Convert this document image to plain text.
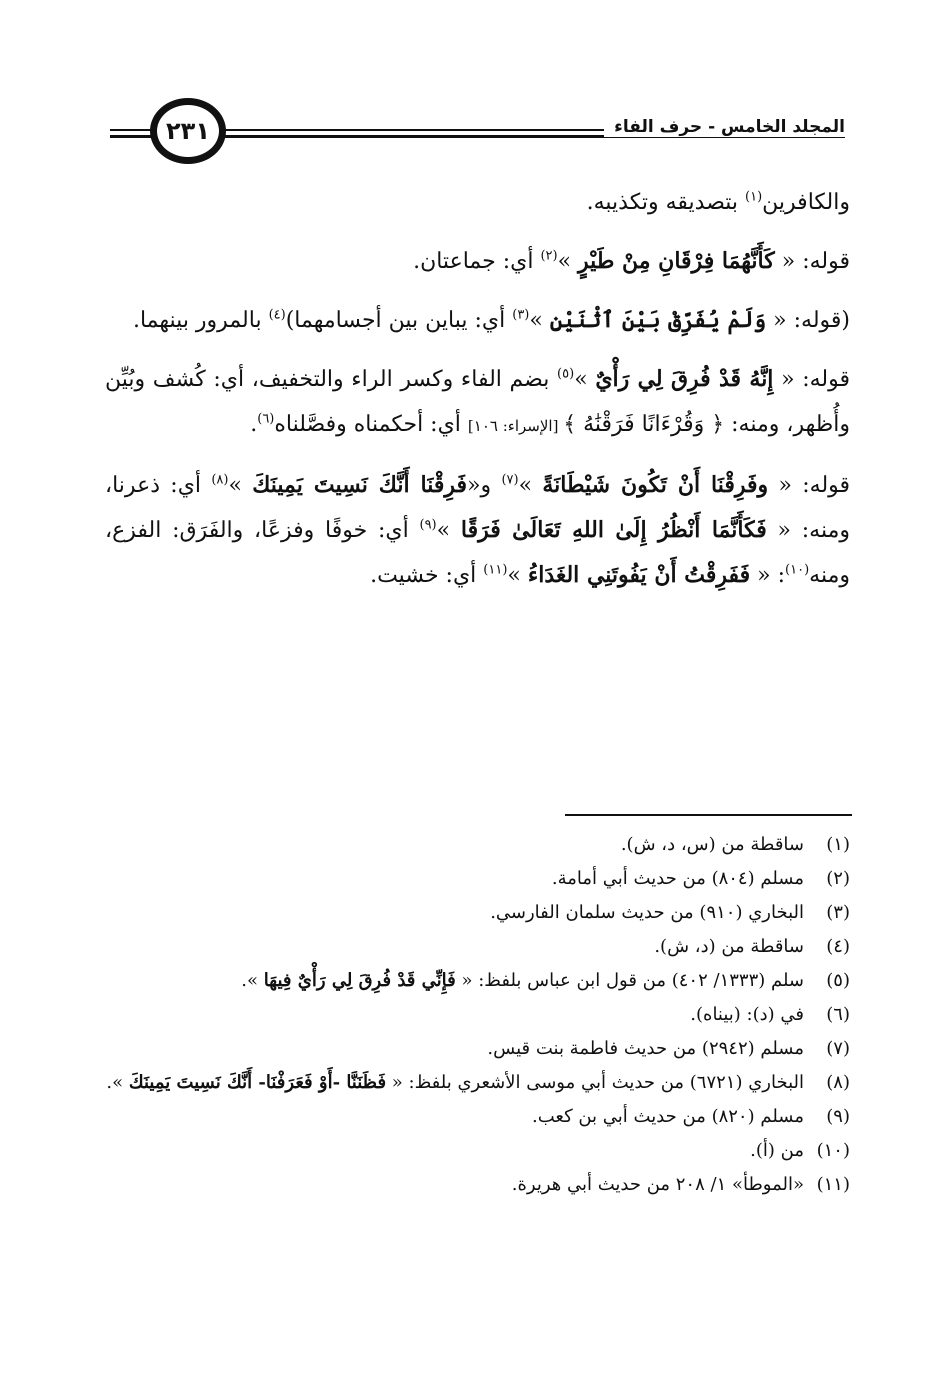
٢٣١	المجلد الخامس - حرف الفاء

والكافرين$^{(١)}$ بتصديقه وتكذيبه.

قوله: « كَأَنَّهُمَا فِرْقَانِ مِنْ طَيْرٍ »$^{(٢)}$ أي: جماعتان.

(قوله: « وَلَمْ يُفَرِّقْ بَيْنَ ٱثْنَيْنِ »$^{(٣)}$ أي: يباين بين أجسامهما)$^{(٤)}$ بالمرور بينهما.

قوله: « إِنَّهُ قَدْ فُرِقَ لِي رَأْيٌ »$^{(٥)}$ بضم الفاء وكسر الراء والتخفيف، أي: كُشف وبُيِّن وأُظهر، ومنه: ﴿ وَقُرْءَانًا فَرَقْنَٰهُ ﴾ [الإسراء: ١٠٦] أي: أحكمناه وفصَّلناه$^{(٦)}$.

قوله: « وفَرِقْنَا أَنْ تَكُونَ شَيْطَانَةً »$^{(٧)}$ و«فَرِقْنَا أَنَّكَ نَسِيتَ يَمِينَكَ »$^{(٨)}$ أي: ذعرنا، ومنه: « فَكَأَنَّمَا أَنْظُرُ إِلَىٰ اللهِ تَعَالَىٰ فَرَقًا »$^{(٩)}$ أي: خوفًا وفزعًا، والفَرَق: الفزع، ومنه$^{(١٠)}$: « فَفَرِقْتُ أَنْ يَفُوتَنِي الغَدَاءُ »$^{(١١)}$ أي: خشيت.

(١)
ساقطة من (س، د، ش).
(٢)
مسلم (٨٠٤) من حديث أبي أمامة.
(٣)
البخاري (٩١٠) من حديث سلمان الفارسي.
(٤)
ساقطة من (د، ش).
(٥)
سلم (١٣٣٣/ ٤٠٢) من قول ابن عباس بلفظ: « فَإِنِّي قَدْ فُرِقَ لِي رَأْيٌ فِيهَا ».
(٦)
في (د): (بيناه).
(٧)
مسلم (٢٩٤٢) من حديث فاطمة بنت قيس.
(٨)
البخاري (٦٧٢١) من حديث أبي موسى الأشعري بلفظ: « فَظَنَنَّا -أَوْ فَعَرَفْنَا- أَنَّكَ نَسِيتَ يَمِينَكَ ».
(٩)
مسلم (٨٢٠) من حديث أبي بن كعب.
(١٠)
من (أ).
(١١)
«الموطأ» ١/ ٢٠٨ من حديث أبي هريرة.
